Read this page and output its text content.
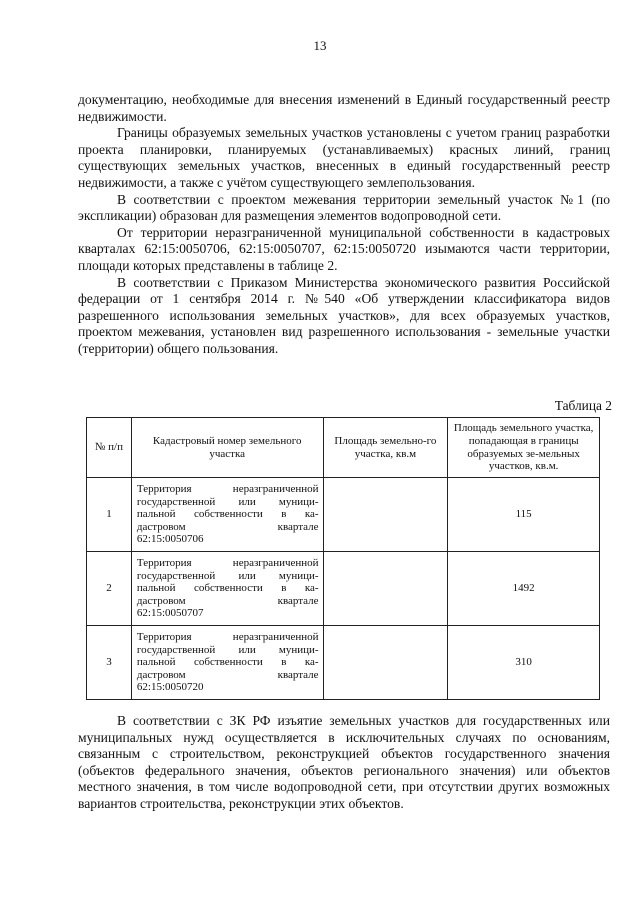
13

документацию, необходимые для внесения изменений в Единый государственный реестр недвижимости.

Границы образуемых земельных участков установлены с учетом границ разработки проекта планировки, планируемых (устанавливаемых) красных линий, границ существующих земельных участков, внесенных в единый государственный реестр недвижимости, а также с учётом существующего землепользования.

В соответствии с проектом межевания территории земельный участок №1 (по экспликации) образован для размещения элементов водопроводной сети.

От территории неразграниченной муниципальной собственности в кадастровых кварталах 62:15:0050706, 62:15:0050707, 62:15:0050720 изымаются части территории, площади которых представлены в таблице 2.

В соответствии с Приказом Министерства экономического развития Российской федерации от 1 сентября 2014 г. №540 «Об утверждении классификатора видов разрешенного использования земельных участков», для всех образуемых участков, проектом межевания, установлен вид разрешенного использования - земельные участки (территории) общего пользования.

Таблица 2
№ п/п	Кадастровый номер земельного участка	Площадь земельно-го участка, кв.м	Площадь земельного участка, попадающая в границы образуемых зе-мельных участков, кв.м.
1	Территория неразграниченной
государственной или муници-
пальной собственности в ка-
дастровом квартале
62:15:0050706		115
2	Территория неразграниченной
государственной или муници-
пальной собственности в ка-
дастровом квартале
62:15:0050707		1492
3	Территория неразграниченной
государственной или муници-
пальной собственности в ка-
дастровом квартале
62:15:0050720		310

В соответствии с ЗК РФ изъятие земельных участков для государственных или муниципальных нужд осуществляется в исключительных случаях по основаниям, связанным с строительством, реконструкцией объектов государственного значения (объектов федерального значения, объектов регионального значения) или объектов местного значения, в том числе водопроводной сети, при отсутствии других возможных вариантов строительства, реконструкции этих объектов.
